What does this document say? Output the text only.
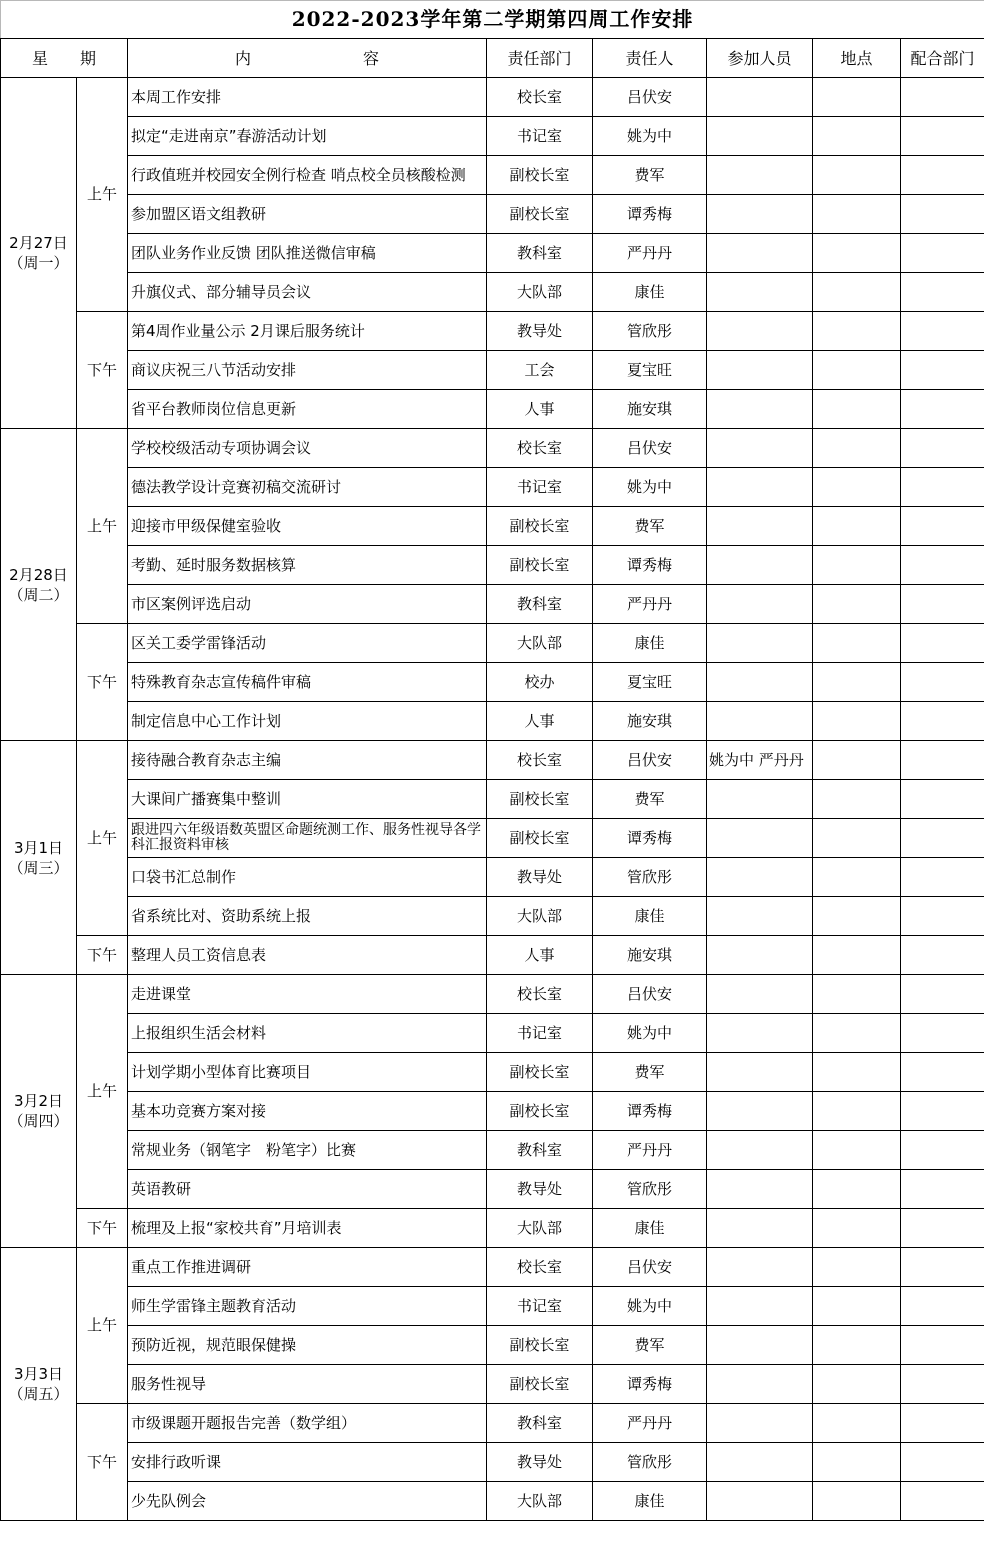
2022-2023学年第二学期第四周工作安排							
星　　期		内　　　　　　　容	责任部门	责任人	参加人员	地点	配合部门

2月27日
（周一）	上午	本周工作安排	校长室	吕伏安			
		拟定“走进南京”春游活动计划	书记室	姚为中			
		行政值班并校园安全例行检查 哨点校全员核酸检测	副校长室	费军			
		参加盟区语文组教研	副校长室	谭秀梅			
		团队业务作业反馈 团队推送微信审稿	教科室	严丹丹			
		升旗仪式、部分辅导员会议	大队部	康佳			
	下午	第4周作业量公示 2月课后服务统计	教导处	管欣彤			
		商议庆祝三八节活动安排	工会	夏宝旺			
		省平台教师岗位信息更新	人事	施安琪			

2月28日
（周二）	上午	学校校级活动专项协调会议	校长室	吕伏安			
		德法教学设计竞赛初稿交流研讨	书记室	姚为中			
		迎接市甲级保健室验收	副校长室	费军			
		考勤、延时服务数据核算	副校长室	谭秀梅			
		市区案例评选启动	教科室	严丹丹			
	下午	区关工委学雷锋活动	大队部	康佳			
		特殊教育杂志宣传稿件审稿	校办	夏宝旺			
		制定信息中心工作计划	人事	施安琪			

3月1日
（周三）	上午	接待融合教育杂志主编	校长室	吕伏安	姚为中 严丹丹		
		大课间广播赛集中整训	副校长室	费军			
		跟进四六年级语数英盟区命题统测工作、服务性视导各学科汇报资料审核	副校长室	谭秀梅			
		口袋书汇总制作	教导处	管欣彤			
		省系统比对、资助系统上报	大队部	康佳			
	下午	整理人员工资信息表	人事	施安琪			

3月2日
（周四）	上午	走进课堂	校长室	吕伏安			
		上报组织生活会材料	书记室	姚为中			
		计划学期小型体育比赛项目	副校长室	费军			
		基本功竞赛方案对接	副校长室	谭秀梅			
		常规业务（钢笔字　粉笔字）比赛	教科室	严丹丹			
		英语教研	教导处	管欣彤			
	下午	梳理及上报“家校共育”月培训表	大队部	康佳			

3月3日
（周五）	上午	重点工作推进调研	校长室	吕伏安			
		师生学雷锋主题教育活动	书记室	姚为中			
		预防近视，规范眼保健操	副校长室	费军			
		服务性视导	副校长室	谭秀梅			
	下午	市级课题开题报告完善（数学组）	教科室	严丹丹			
		安排行政听课	教导处	管欣彤			
		少先队例会	大队部	康佳			
